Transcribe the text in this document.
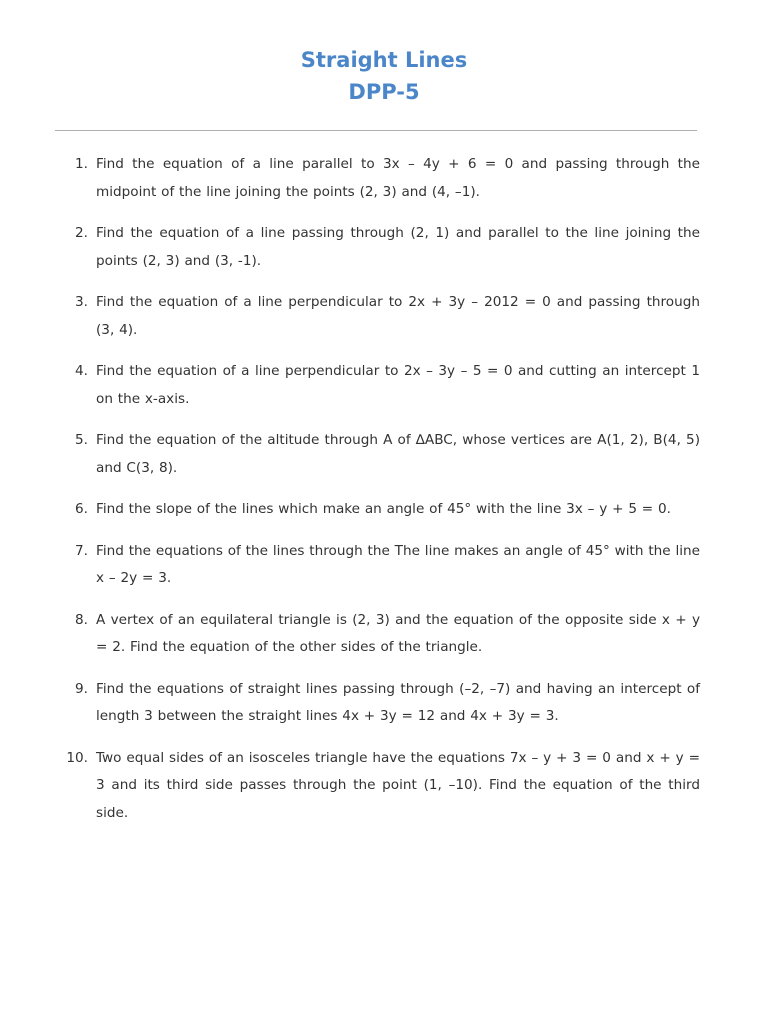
Straight Lines
DPP-5
1. Find the equation of a line parallel to 3x – 4y + 6 = 0 and passing through the midpoint of the line joining the points (2, 3) and (4, –1).
2. Find the equation of a line passing through (2, 1) and parallel to the line joining the points (2, 3) and (3, -1).
3. Find the equation of a line perpendicular to 2x + 3y – 2012 = 0 and passing through (3, 4).
4. Find the equation of a line perpendicular to 2x – 3y – 5 = 0 and cutting an intercept 1 on the x-axis.
5. Find the equation of the altitude through A of ∆ABC, whose vertices are A(1, 2), B(4, 5) and C(3, 8).
6. Find the slope of the lines which make an angle of 45° with the line 3x – y + 5 = 0.
7. Find the equations of the lines through the The line makes an angle of 45° with the line x – 2y = 3.
8. A vertex of an equilateral triangle is (2, 3) and the equation of the opposite side x + y = 2. Find the equation of the other sides of the triangle.
9. Find the equations of straight lines passing through (–2, –7) and having an intercept of length 3 between the straight lines 4x + 3y = 12 and 4x + 3y = 3.
10. Two equal sides of an isosceles triangle have the equations 7x – y + 3 = 0 and x + y = 3 and its third side passes through the point (1, –10). Find the equation of the third side.
